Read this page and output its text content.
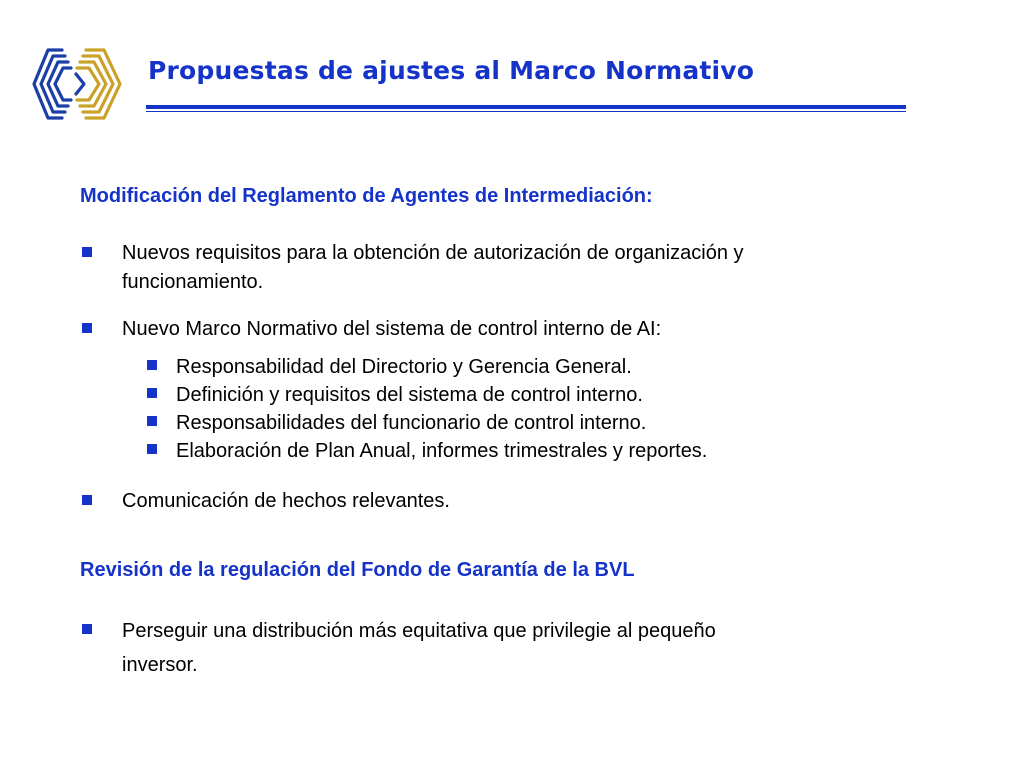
Propuestas de ajustes al Marco Normativo

Modificación del Reglamento de Agentes de Intermediación:

Nuevos requisitos para la obtención de autorización de organización y
funcionamiento.
Nuevo Marco Normativo del sistema de control interno de AI:
Responsabilidad del Directorio y Gerencia General.
Definición y requisitos del sistema de control interno.
Responsabilidades del funcionario de control interno.
Elaboración de Plan Anual, informes trimestrales y reportes.
Comunicación de hechos relevantes.

Revisión de la regulación del Fondo de Garantía de la BVL

Perseguir una distribución más equitativa que privilegie al pequeño
inversor.
